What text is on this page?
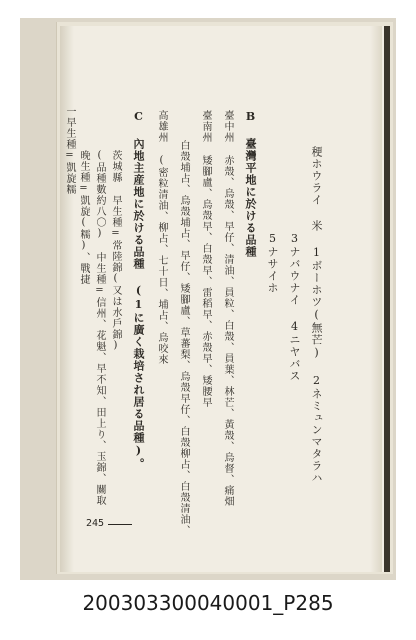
稉ホウライ 米 1ボーホツ(無芒) 2ネミュンマタラハ
3ナバウナイ 4ニヤバス
5ナサイホ
B 臺灣平地に於ける品種
臺中州 赤殼、烏殼、早仔、清油、員粒、白殼、員葉、林芒、黃殼、烏督、痛畑
臺南州 矮腳盧、烏殼早、白殼早、雷稻早、赤殼早、矮腰早
白殼埔占、烏殼埔占、早仔、矮腳盧、草蕃梨、烏殼早仔、白殼柳占、白殼清油、
高雄州 (密粒清油、柳占、七十日、埔占、烏咬來
C 內地主産地に於ける品種 (1に廣く栽培され居る品種)。
茨城縣 早生種=常陸錦(又は水戶錦)
(品種數約八〇) 中生種=信州、花魁、早不知、田上り、玉錦、關取
晚生種=凱旋(糯)、戰捷
一早生種=凱旋糯
245
200303300040001_P285
